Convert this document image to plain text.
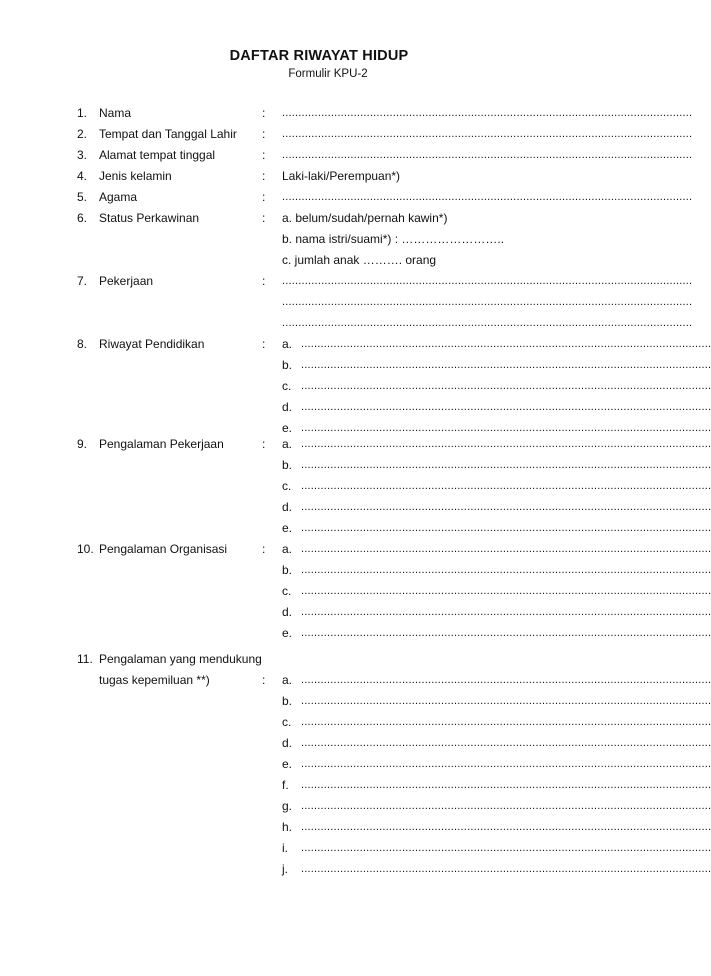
DAFTAR RIWAYAT HIDUP
Formulir KPU-2
1. Nama	: ..............................................................................................................................
2. Tempat dan Tanggal Lahir : ..............................................................................................................................
3. Alamat tempat tinggal	: ..............................................................................................................................
4. Jenis kelamin	: Laki-laki/Perempuan*)
5. Agama	: ..............................................................................................................................
6. Status Perkawinan	: a. belum/sudah/pernah kawin*)
b. nama istri/suami*) : ……………………..
c. jumlah anak ………. orang
7. Pekerjaan	: ..............................................................................................................................
..............................................................................................................................
..............................................................................................................................
8. Riwayat Pendidikan	: a. ..............................................................................................................................
b. ..............................................................................................................................
c. ..............................................................................................................................
d. ..............................................................................................................................
e. ..............................................................................................................................
9. Pengalaman Pekerjaan	: a. ..............................................................................................................................
b. ..............................................................................................................................
c. ..............................................................................................................................
d. ..............................................................................................................................
e. ..............................................................................................................................
10. Pengalaman Organisasi	: a. ..............................................................................................................................
b. ..............................................................................................................................
c. ..............................................................................................................................
d. ..............................................................................................................................
e. ..............................................................................................................................
11. Pengalaman yang mendukung
tugas kepemiluan **)	: a. ..............................................................................................................................
b. ..............................................................................................................................
c. ..............................................................................................................................
d. ..............................................................................................................................
e. ..............................................................................................................................
f. ..............................................................................................................................
g. ..............................................................................................................................
h. ..............................................................................................................................
i. ..............................................................................................................................
j. ..............................................................................................................................
